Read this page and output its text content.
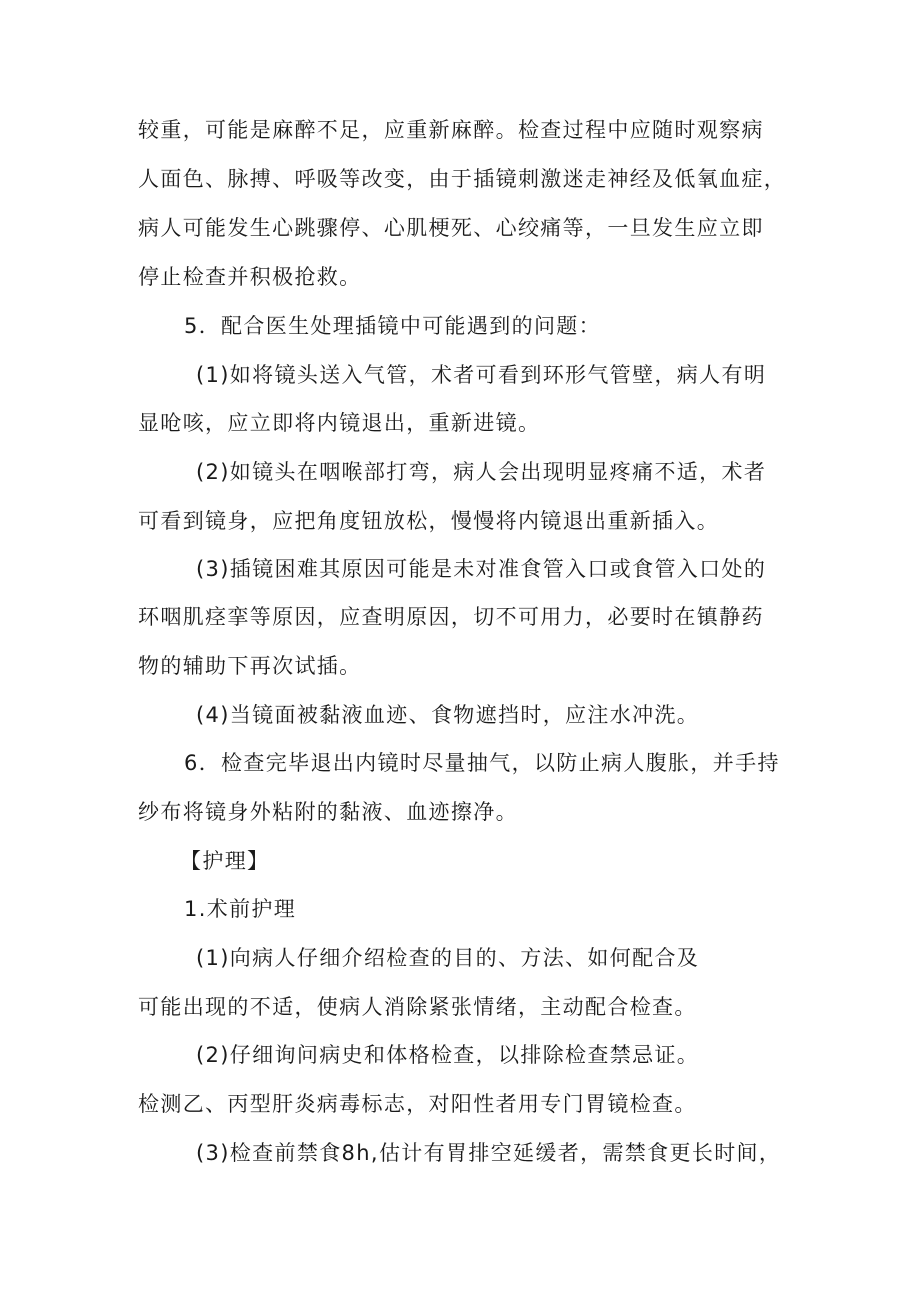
较重，可能是麻醉不足，应重新麻醉。检查过程中应随时观察病
人面色、脉搏、呼吸等改变，由于插镜刺激迷走神经及低氧血症，
病人可能发生心跳骤停、心肌梗死、心绞痛等，一旦发生应立即
停止检查并积极抢救。
5．配合医生处理插镜中可能遇到的问题：
(1)如将镜头送入气管，术者可看到环形气管壁，病人有明
显呛咳，应立即将内镜退出，重新进镜。
(2)如镜头在咽喉部打弯，病人会出现明显疼痛不适，术者
可看到镜身，应把角度钮放松，慢慢将内镜退出重新插入。
(3)插镜困难其原因可能是未对准食管入口或食管入口处的
环咽肌痉挛等原因，应查明原因，切不可用力，必要时在镇静药
物的辅助下再次试插。
(4)当镜面被黏液血迹、食物遮挡时，应注水冲洗。
6．检查完毕退出内镜时尽量抽气，以防止病人腹胀，并手持
纱布将镜身外粘附的黏液、血迹擦净。
【护理】
1.术前护理
(1)向病人仔细介绍检查的目的、方法、如何配合及
可能出现的不适，使病人消除紧张情绪，主动配合检查。
(2)仔细询问病史和体格检查，以排除检查禁忌证。
检测乙、丙型肝炎病毒标志，对阳性者用专门胃镜检查。
(3)检查前禁食8h,估计有胃排空延缓者，需禁食更长时间，
